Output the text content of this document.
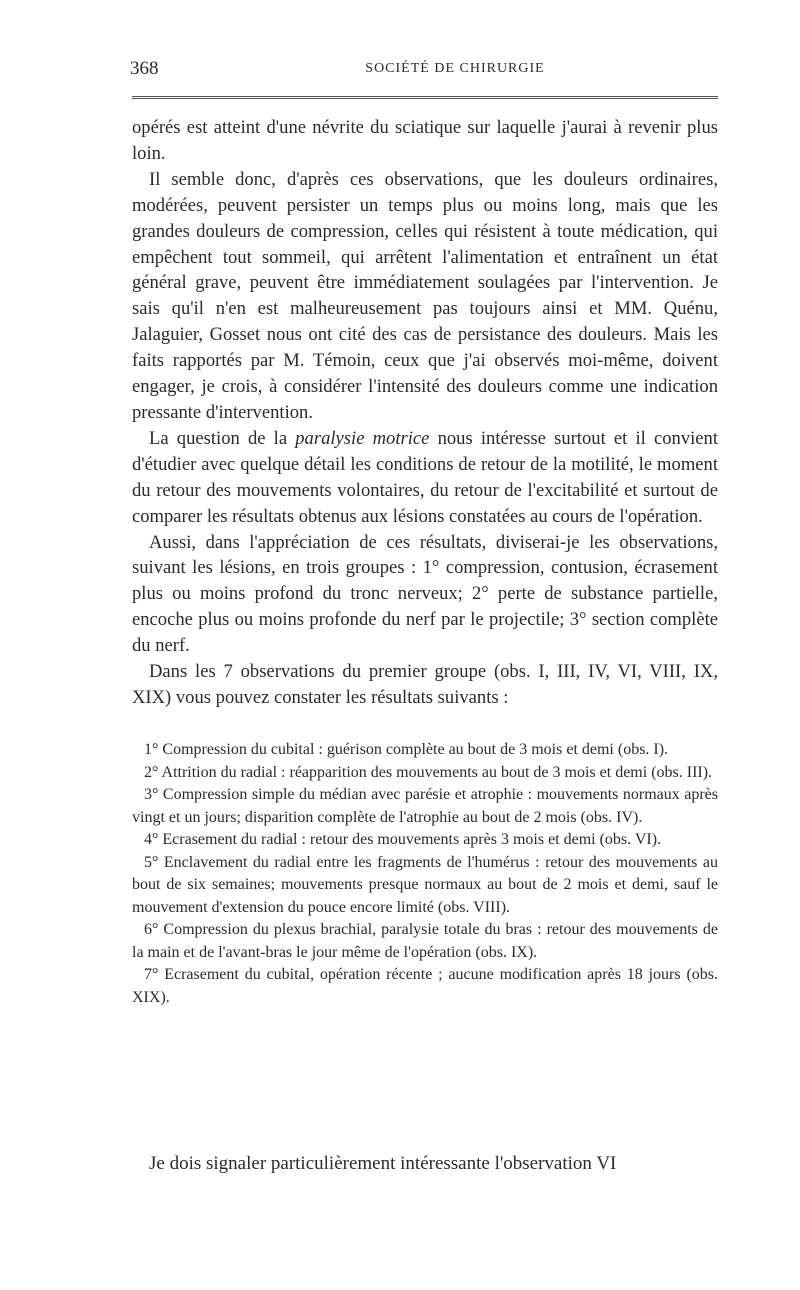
368	SOCIÉTÉ DE CHIRURGIE

opérés est atteint d'une névrite du sciatique sur laquelle j'aurai à revenir plus loin.

Il semble donc, d'après ces observations, que les douleurs ordinaires, modérées, peuvent persister un temps plus ou moins long, mais que les grandes douleurs de compression, celles qui résistent à toute médication, qui empêchent tout sommeil, qui arrêtent l'alimentation et entraînent un état général grave, peuvent être immédiatement soulagées par l'intervention. Je sais qu'il n'en est malheureusement pas toujours ainsi et MM. Quénu, Jalaguier, Gosset nous ont cité des cas de persistance des douleurs. Mais les faits rapportés par M. Témoin, ceux que j'ai observés moi-même, doivent engager, je crois, à considérer l'intensité des douleurs comme une indication pressante d'intervention.

La question de la paralysie motrice nous intéresse surtout et il convient d'étudier avec quelque détail les conditions de retour de la motilité, le moment du retour des mouvements volontaires, du retour de l'excitabilité et surtout de comparer les résultats obtenus aux lésions constatées au cours de l'opération.

Aussi, dans l'appréciation de ces résultats, diviserai-je les observations, suivant les lésions, en trois groupes : 1° compression, contusion, écrasement plus ou moins profond du tronc nerveux; 2° perte de substance partielle, encoche plus ou moins profonde du nerf par le projectile; 3° section complète du nerf.

Dans les 7 observations du premier groupe (obs. I, III, IV, VI, VIII, IX, XIX) vous pouvez constater les résultats suivants :

1° Compression du cubital : guérison complète au bout de 3 mois et demi (obs. I).

2° Attrition du radial : réapparition des mouvements au bout de 3 mois et demi (obs. III).

3° Compression simple du médian avec parésie et atrophie : mouvements normaux après vingt et un jours; disparition complète de l'atrophie au bout de 2 mois (obs. IV).

4° Ecrasement du radial : retour des mouvements après 3 mois et demi (obs. VI).

5° Enclavement du radial entre les fragments de l'humérus : retour des mouvements au bout de six semaines; mouvements presque normaux au bout de 2 mois et demi, sauf le mouvement d'extension du pouce encore limité (obs. VIII).

6° Compression du plexus brachial, paralysie totale du bras : retour des mouvements de la main et de l'avant-bras le jour même de l'opération (obs. IX).

7° Ecrasement du cubital, opération récente ; aucune modification après 18 jours (obs. XIX).

Je dois signaler particulièrement intéressante l'observation VI
